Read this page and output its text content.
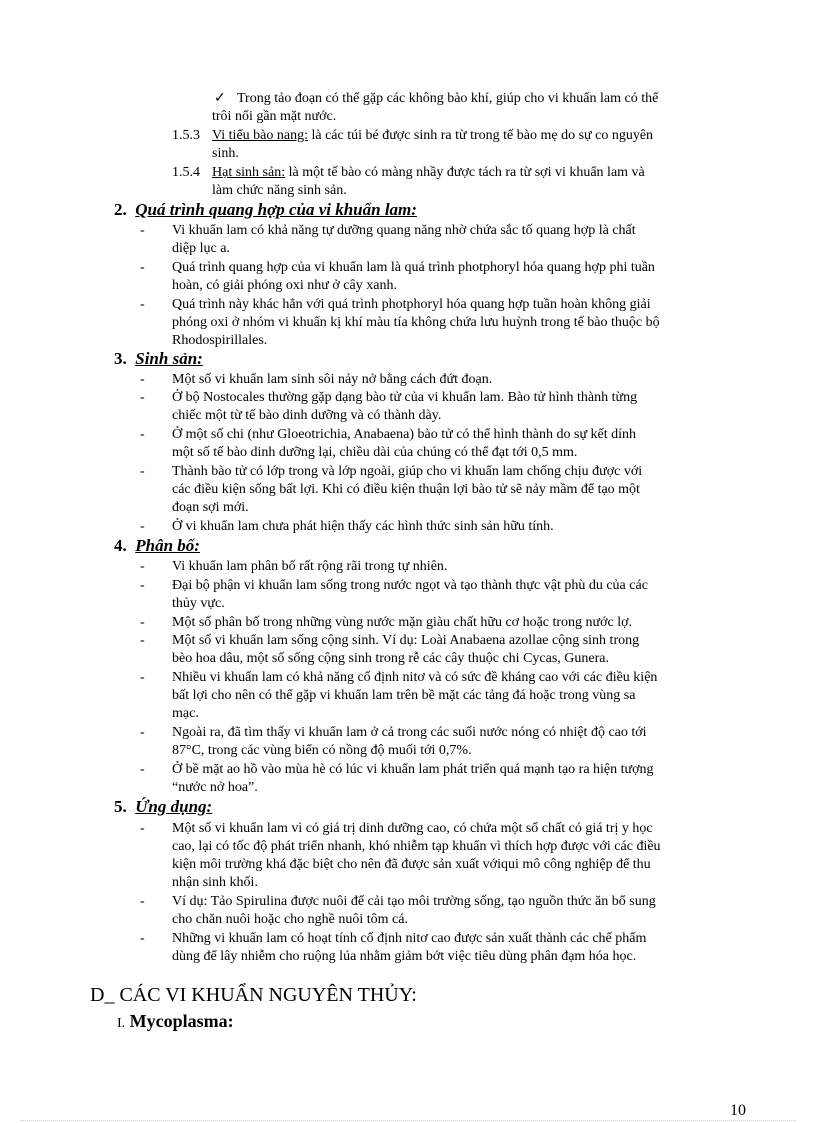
✓ Trong tảo đoạn có thể gặp các không bào khí, giúp cho vi khuẩn lam có thể
trôi nổi gần mặt nước.
1.5.3 Vi tiểu bào nang: là các túi bé được sinh ra từ trong tế bào mẹ do sự co nguyên
sinh.
1.5.4 Hạt sinh sản: là một tế bào có màng nhầy được tách ra từ sợi vi khuẩn lam và
làm chức năng sinh sản.
2. Quá trình quang hợp của vi khuẩn lam:
- Vi khuẩn lam có khả năng tự dưỡng quang năng nhờ chứa sắc tố quang hợp là chất
diệp lục a.
- Quá trình quang hợp của vi khuẩn lam là quá trình photphoryl hóa quang hợp phi tuần
hoàn, có giải phóng oxi như ở cây xanh.
- Quá trình này khác hẳn với quá trình photphoryl hóa quang hợp tuần hoàn không giải
phóng oxi ở nhóm vi khuẩn kị khí màu tía không chứa lưu huỳnh trong tế bào thuộc bộ
Rhodospirillales.
3. Sinh sản:
- Một số vi khuẩn lam sinh sôi nảy nở bằng cách đứt đoạn.
- Ở bộ Nostocales thường gặp dạng bào tử của vi khuẩn lam. Bào tử hình thành từng
chiếc một từ tế bào dinh dưỡng và có thành dày.
- Ở một số chi (như Gloeotrichia, Anabaena) bào tử có thể hình thành do sự kết dính
một số tế bào dinh dưỡng lại, chiều dài của chúng có thể đạt tới 0,5 mm.
- Thành bào tử có lớp trong và lớp ngoài, giúp cho vi khuẩn lam chống chịu được với
các điều kiện sống bất lợi. Khi có điều kiện thuận lợi bào tử sẽ nảy mầm để tạo một
đoạn sợi mới.
- Ở vi khuẩn lam chưa phát hiện thấy các hình thức sinh sản hữu tính.
4. Phân bố:
- Vi khuẩn lam phân bố rất rộng rãi trong tự nhiên.
- Đại bộ phận vi khuẩn lam sống trong nước ngọt và tạo thành thực vật phù du của các
thủy vực.
- Một số phân bố trong những vùng nước mặn giàu chất hữu cơ hoặc trong nước lợ.
- Một số vi khuẩn lam sống cộng sinh. Ví dụ: Loài Anabaena azollae cộng sinh trong
bèo hoa dâu, một số sống cộng sinh trong rễ các cây thuộc chi Cycas, Gunera.
- Nhiều vi khuẩn lam có khả năng cố định nitơ và có sức đề kháng cao với các điều kiện
bất lợi cho nên có thể gặp vi khuẩn lam trên bề mặt các tảng đá hoặc trong vùng sa
mạc.
- Ngoài ra, đã tìm thấy vi khuẩn lam ở cả trong các suối nước nóng có nhiệt độ cao tới
87°C, trong các vùng biển có nồng độ muối tới 0,7%.
- Ở bề mặt ao hồ vào mùa hè có lúc vi khuẩn lam phát triển quá mạnh tạo ra hiện tượng
“nước nở hoa”.
5. Ứng dụng:
- Một số vi khuẩn lam vì có giá trị dinh dưỡng cao, có chứa một số chất có giá trị y học
cao, lại có tốc độ phát triển nhanh, khó nhiễm tạp khuẩn vì thích hợp được với các điều
kiện môi trường khá đặc biệt cho nên đã được sản xuất vớiqui mô công nghiệp để thu
nhận sinh khối.
- Ví dụ: Tảo Spirulina được nuôi để cải tạo môi trường sống, tạo nguồn thức ăn bổ sung
cho chăn nuôi hoặc cho nghề nuôi tôm cá.
- Những vi khuẩn lam có hoạt tính cố định nitơ cao được sản xuất thành các chế phẩm
dùng để lây nhiễm cho ruộng lúa nhằm giảm bớt việc tiêu dùng phân đạm hóa học.
D_ CÁC VI KHUẨN NGUYÊN THỦY:
I. Mycoplasma:
10
